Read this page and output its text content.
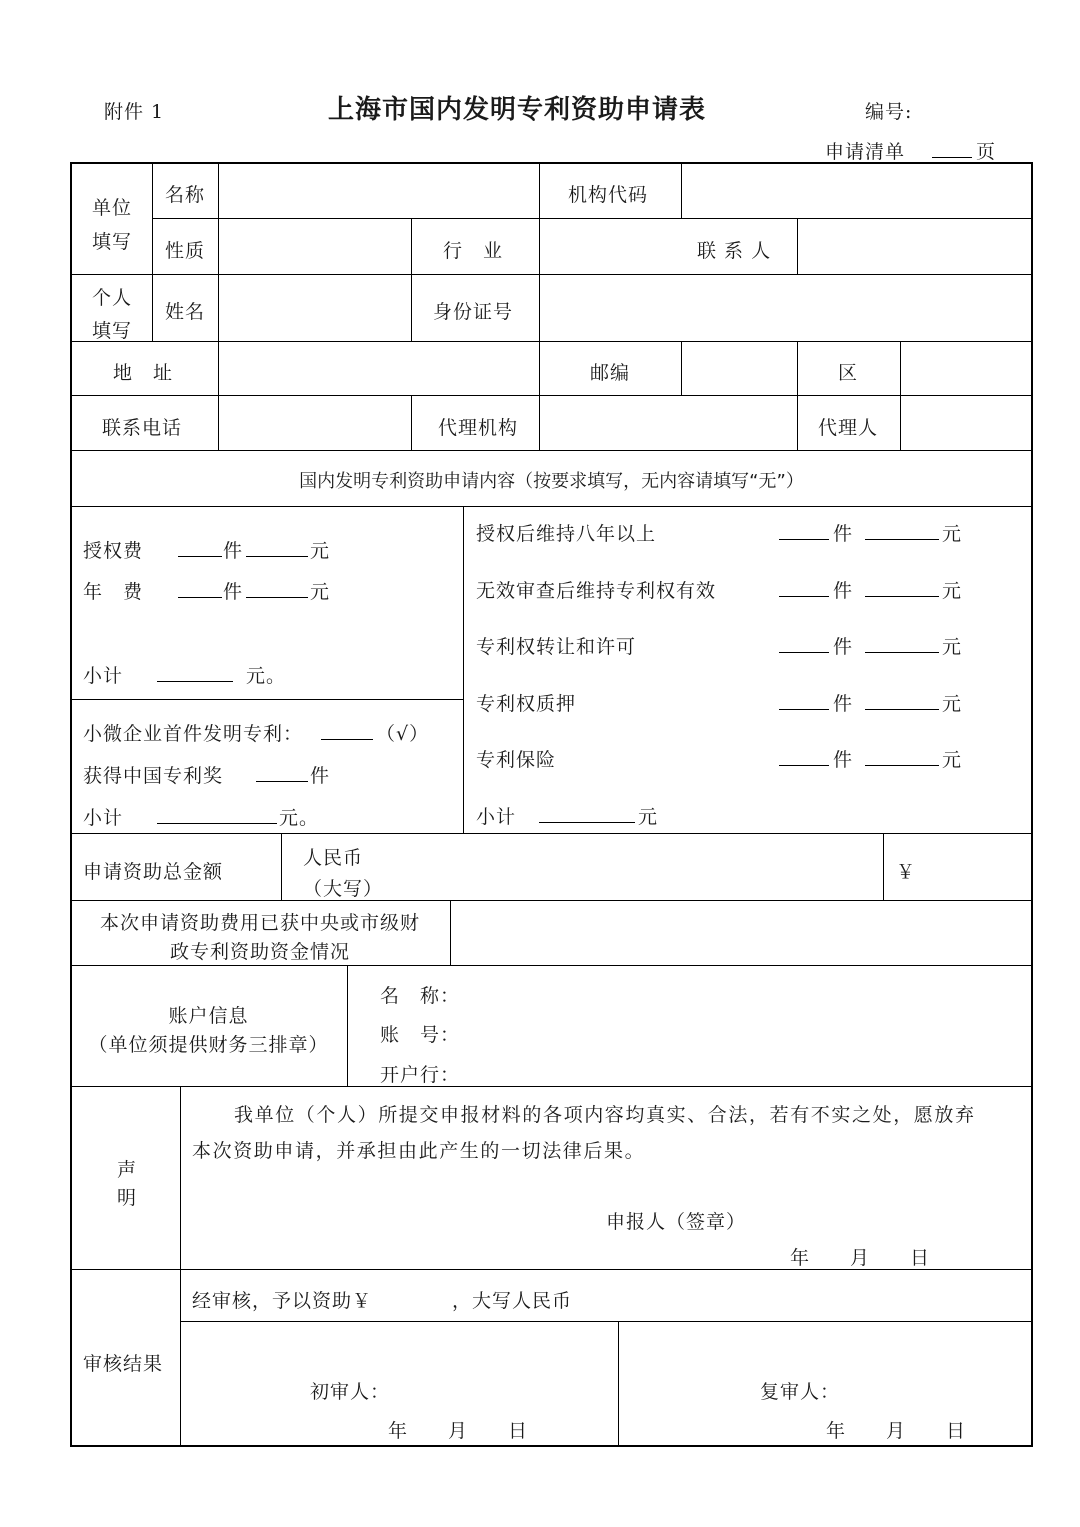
附件 1	上海市国内发明专利资助申请表	编号:
申请清单	页
单位
填写
名称	机构代码
性质	行　业	联 系 人
个人
填写
姓名	身份证号
地　址	邮编	区
联系电话	代理机构	代理人
国内发明专利资助申请内容（按要求填写，无内容请填写“无”）
授权费	件	元
年　费	件	元
小计	元。
小微企业首件发明专利：	（√）
获得中国专利奖	件
小计	元。
授权后维持八年以上	件	元
无效审查后维持专利权有效	件	元
专利权转让和许可	件	元
专利权质押	件	元
专利保险	件	元
小计	元
申请资助总金额
人民币
（大写）
￥
本次申请资助费用已获中央或市级财
政专利资助资金情况
账户信息
（单位须提供财务三排章）
名　称：
账　号：
开户行：
声
明
我单位（个人）所提交申报材料的各项内容均真实、合法，若有不实之处，愿放弃
本次资助申请，并承担由此产生的一切法律后果。
申报人（签章）
年　　月　　日
审核结果
经审核，予以资助￥　　　　，大写人民币
初审人：
年　　月　　日
复审人：
年　　月　　日
